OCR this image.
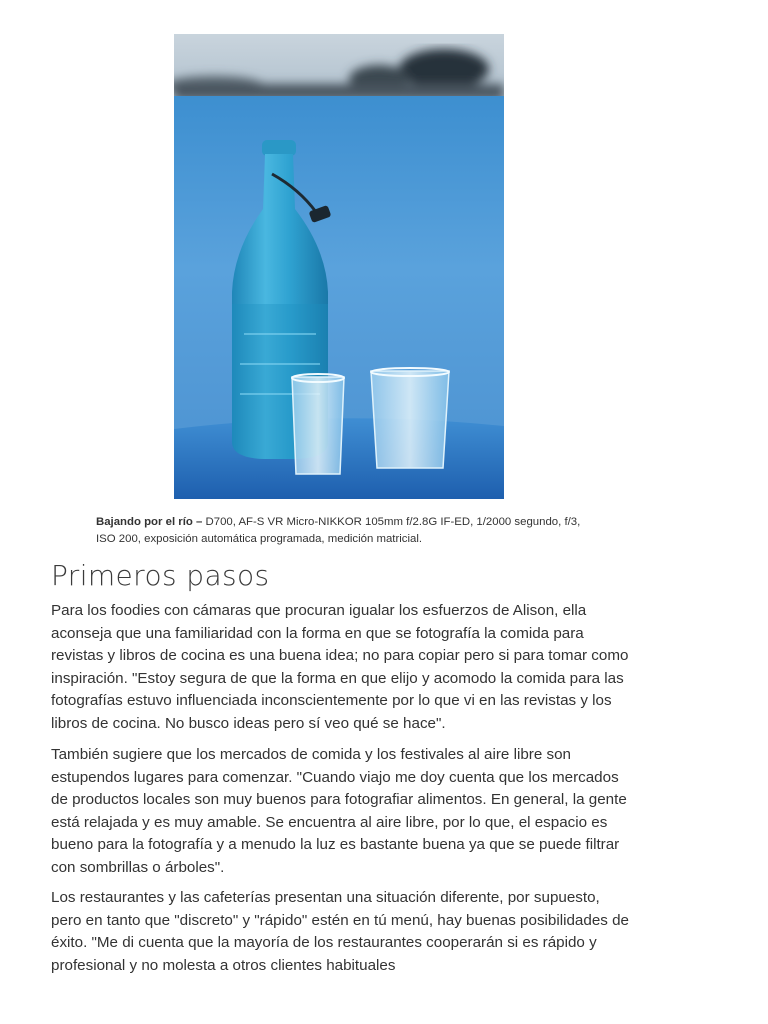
Bajando por el río – D700, AF-S VR Micro-NIKKOR 105mm f/2.8G IF-ED, 1/2000 segundo, f/3, ISO 200, exposición automática programada, medición matricial.
Primeros pasos

Para los foodies con cámaras que procuran igualar los esfuerzos de Alison, ella aconseja que una familiaridad con la forma en que se fotografía la comida para revistas y libros de cocina es una buena idea; no para copiar pero si para tomar como inspiración. "Estoy segura de que la forma en que elijo y acomodo la comida para las fotografías estuvo influenciada inconscientemente por lo que vi en las revistas y los libros de cocina. No busco ideas pero sí veo qué se hace".

También sugiere que los mercados de comida y los festivales al aire libre son estupendos lugares para comenzar. "Cuando viajo me doy cuenta que los mercados de productos locales son muy buenos para fotografiar alimentos. En general, la gente está relajada y es muy amable. Se encuentra al aire libre, por lo que, el espacio es bueno para la fotografía y a menudo la luz es bastante buena ya que se puede filtrar con sombrillas o árboles".

Los restaurantes y las cafeterías presentan una situación diferente, por supuesto, pero en tanto que "discreto" y "rápido" estén en tú menú, hay buenas posibilidades de éxito. "Me di cuenta que la mayoría de los restaurantes cooperarán si es rápido y profesional y no molesta a otros clientes habituales
